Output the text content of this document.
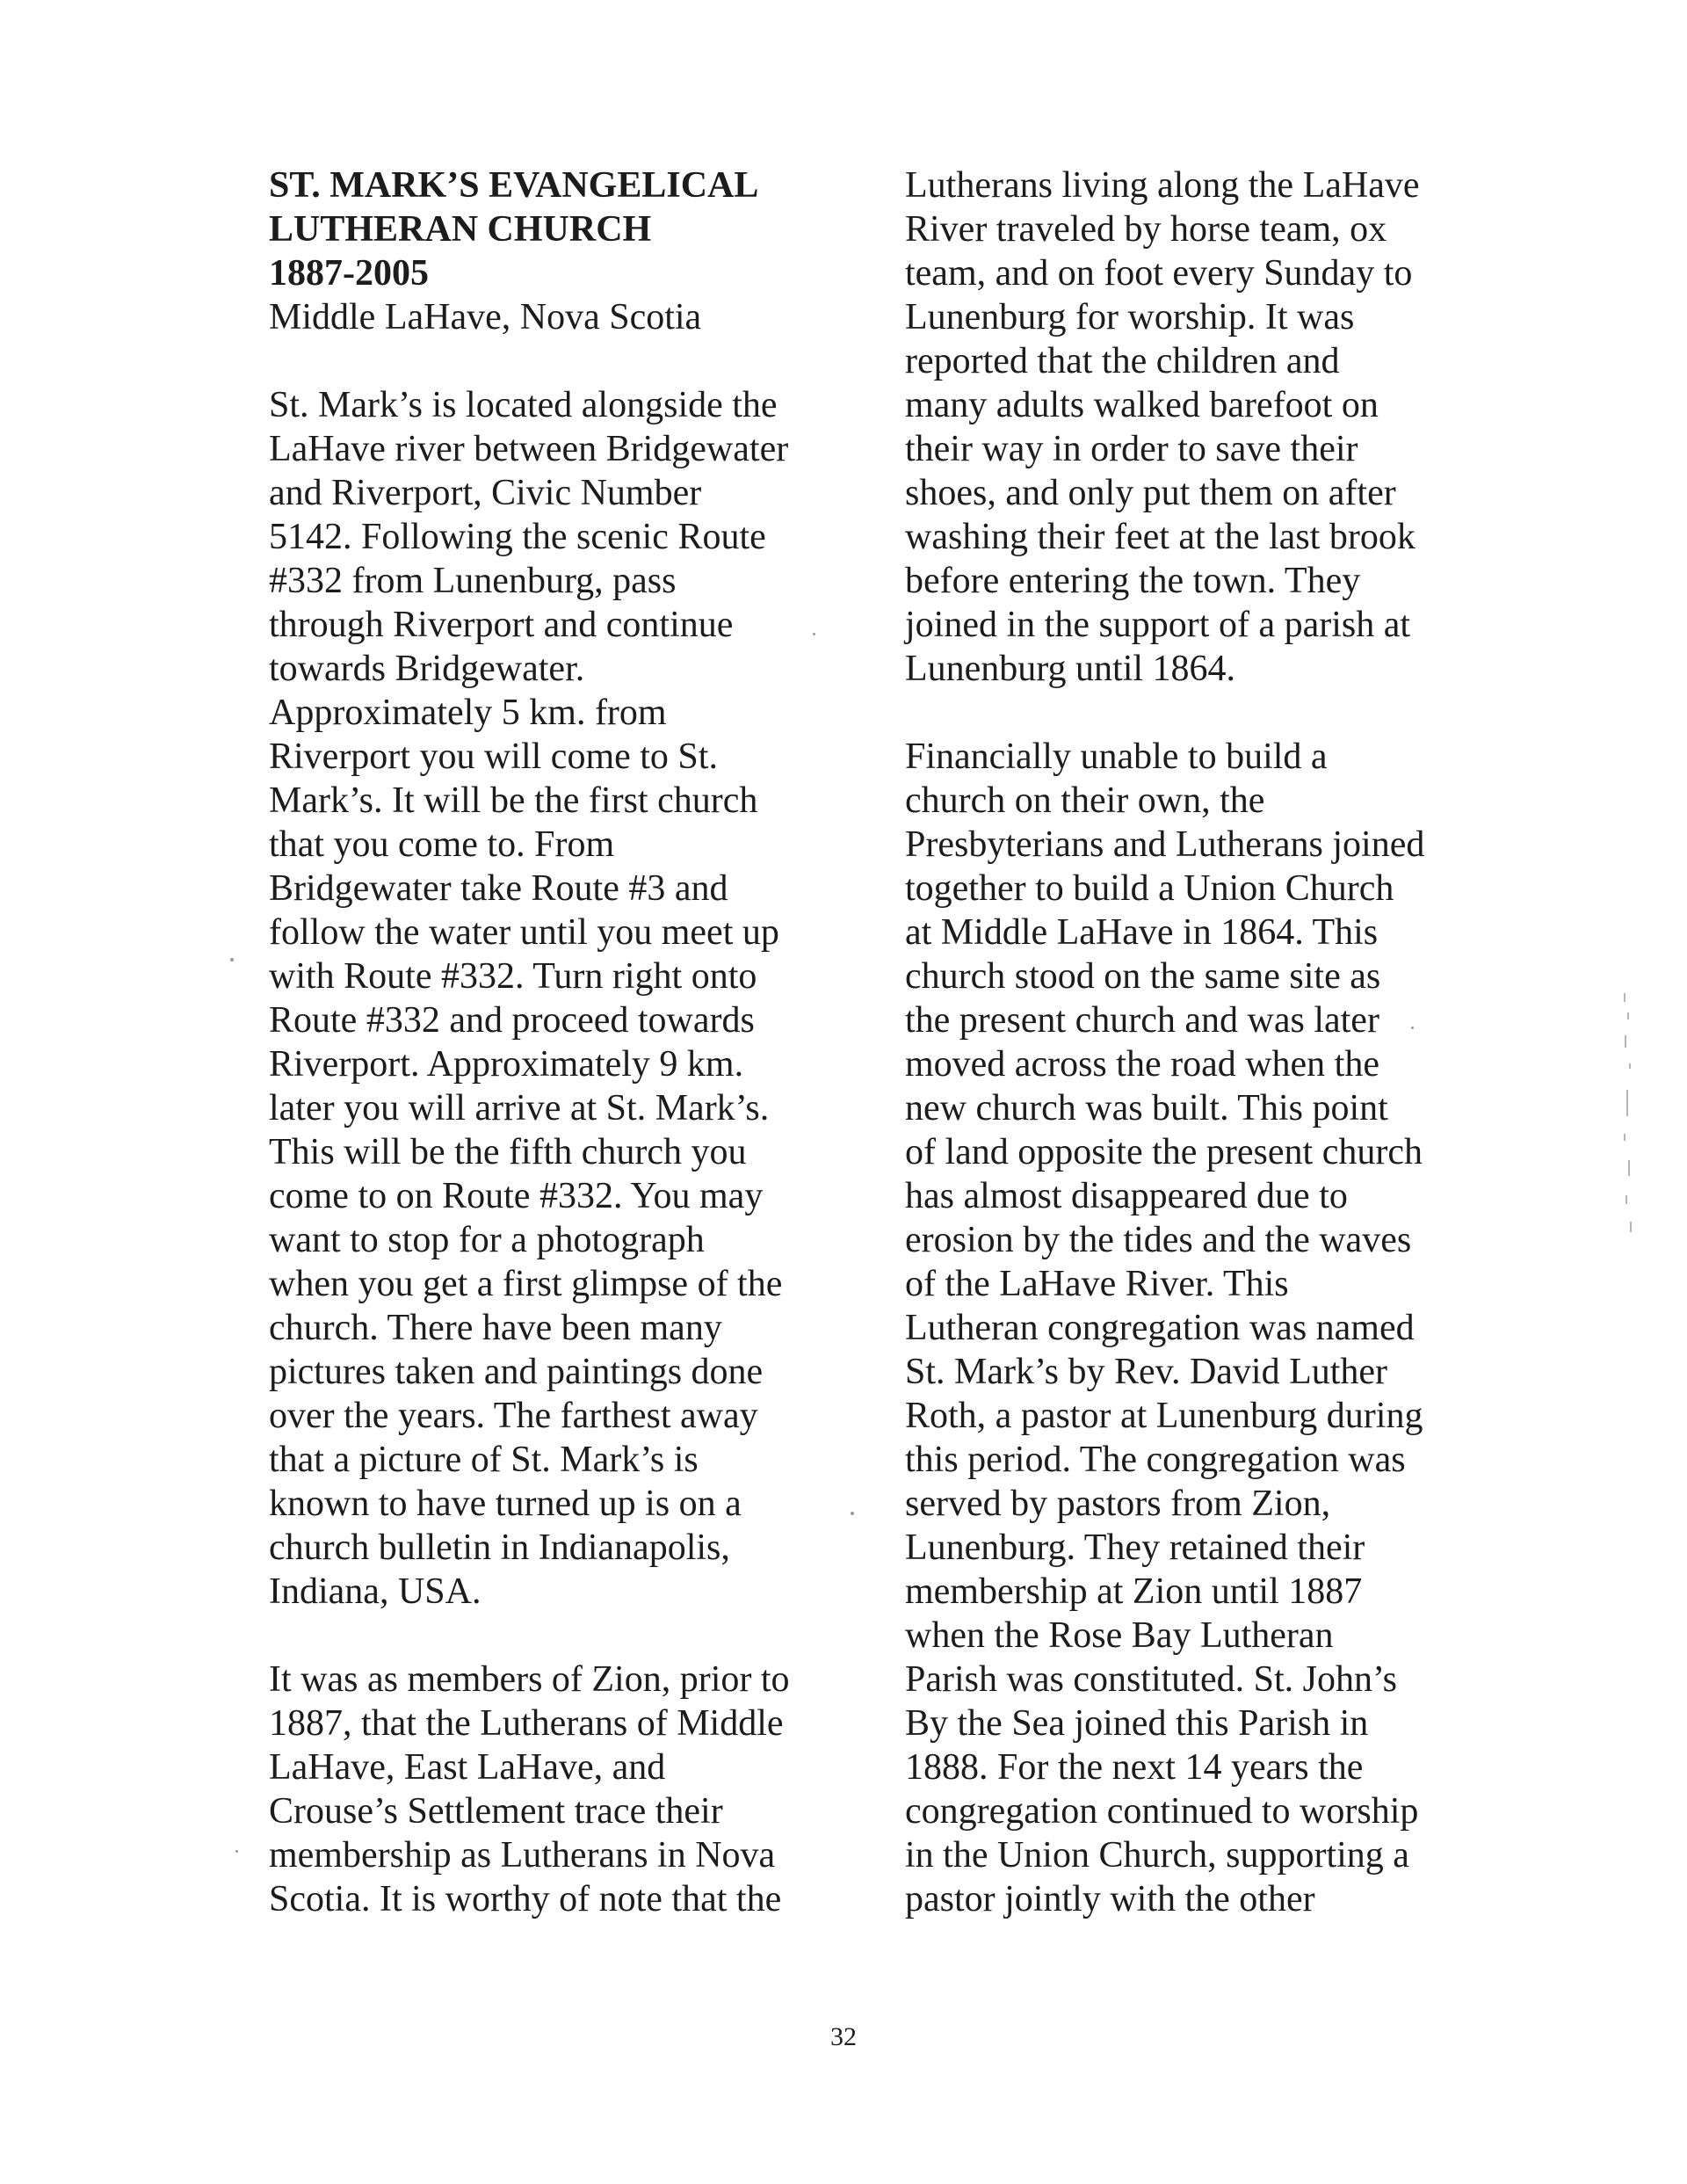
ST. MARK’S EVANGELICAL
LUTHERAN CHURCH
1887-2005
Middle LaHave, Nova Scotia
St. Mark’s is located alongside the
LaHave river between Bridgewater
and Riverport, Civic Number
5142. Following the scenic Route
#332 from Lunenburg, pass
through Riverport and continue
towards Bridgewater.
Approximately 5 km. from
Riverport you will come to St.
Mark’s. It will be the first church
that you come to. From
Bridgewater take Route #3 and
follow the water until you meet up
with Route #332. Turn right onto
Route #332 and proceed towards
Riverport. Approximately 9 km.
later you will arrive at St. Mark’s.
This will be the fifth church you
come to on Route #332. You may
want to stop for a photograph
when you get a first glimpse of the
church. There have been many
pictures taken and paintings done
over the years. The farthest away
that a picture of St. Mark’s is
known to have turned up is on a
church bulletin in Indianapolis,
Indiana, USA.
It was as members of Zion, prior to
1887, that the Lutherans of Middle
LaHave, East LaHave, and
Crouse’s Settlement trace their
membership as Lutherans in Nova
Scotia. It is worthy of note that the
Lutherans living along the LaHave
River traveled by horse team, ox
team, and on foot every Sunday to
Lunenburg for worship. It was
reported that the children and
many adults walked barefoot on
their way in order to save their
shoes, and only put them on after
washing their feet at the last brook
before entering the town. They
joined in the support of a parish at
Lunenburg until 1864.
Financially unable to build a
church on their own, the
Presbyterians and Lutherans joined
together to build a Union Church
at Middle LaHave in 1864. This
church stood on the same site as
the present church and was later
moved across the road when the
new church was built. This point
of land opposite the present church
has almost disappeared due to
erosion by the tides and the waves
of the LaHave River. This
Lutheran congregation was named
St. Mark’s by Rev. David Luther
Roth, a pastor at Lunenburg during
this period. The congregation was
served by pastors from Zion,
Lunenburg. They retained their
membership at Zion until 1887
when the Rose Bay Lutheran
Parish was constituted. St. John’s
By the Sea joined this Parish in
1888. For the next 14 years the
congregation continued to worship
in the Union Church, supporting a
pastor jointly with the other
32
